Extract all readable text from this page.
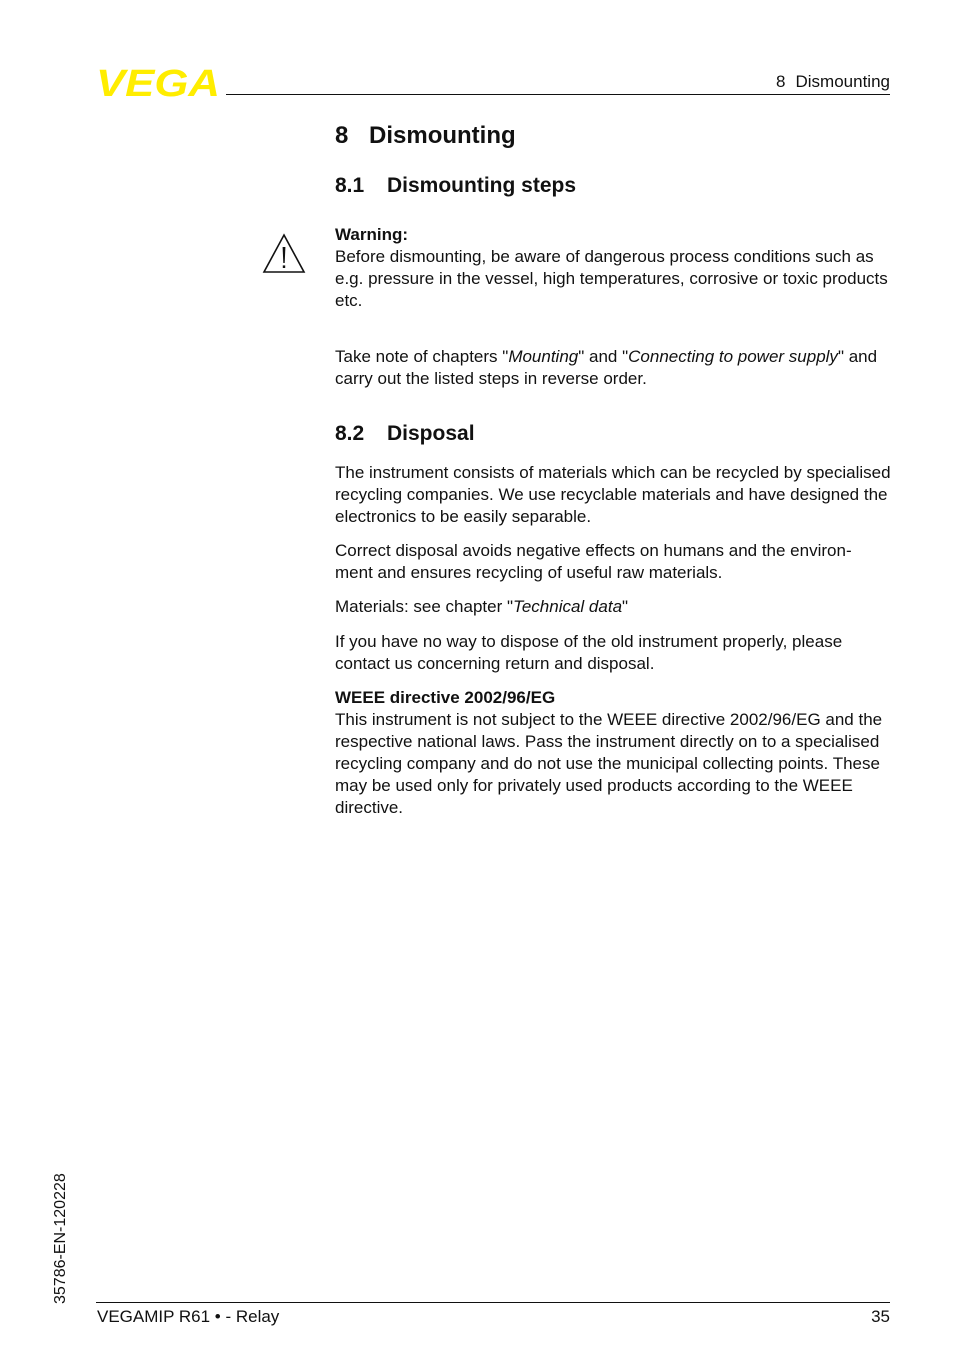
VEGA	8 Dismounting
8 Dismounting
8.1 Dismounting steps

Warning:

Before dismounting, be aware of dangerous process conditions such as e.g. pressure in the vessel, high temperatures, corrosive or toxic products etc.

Take note of chapters "Mounting" and "Connecting to power supply" and carry out the listed steps in reverse order.

8.2 Disposal

The instrument consists of materials which can be recycled by specialised recycling companies. We use recyclable materials and have designed the electronics to be easily separable.

Correct disposal avoids negative effects on humans and the environ- ment and ensures recycling of useful raw materials.

Materials: see chapter "Technical data"

If you have no way to dispose of the old instrument properly, please contact us concerning return and disposal.

WEEE directive 2002/96/EG

This instrument is not subject to the WEEE directive 2002/96/EG and the respective national laws. Pass the instrument directly on to a specialised recycling company and do not use the municipal collecting points. These may be used only for privately used products according to the WEEE directive.

35786-EN-120228
VEGAMIP R61 • - Relay	35
